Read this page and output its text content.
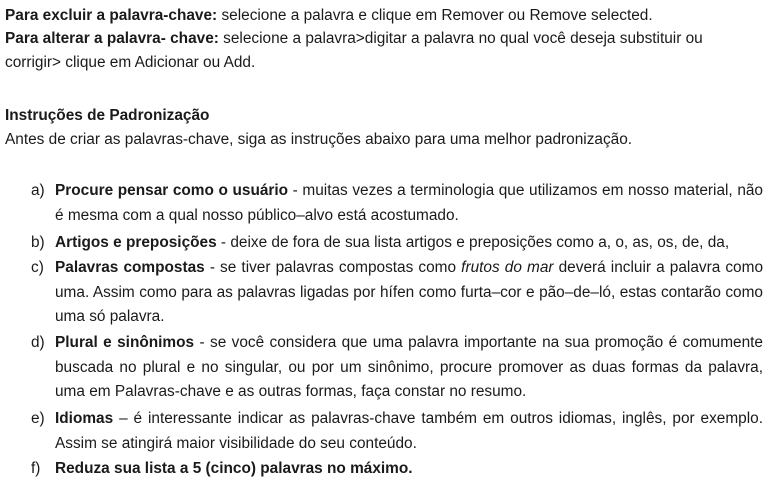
Para excluir a palavra-chave: selecione a palavra e clique em Remover ou Remove selected.
Para alterar a palavra- chave: selecione a palavra>digitar a palavra no qual você deseja substituir ou
corrigir> clique em Adicionar ou Add.
Instruções de Padronização
Antes de criar as palavras-chave, siga as instruções abaixo para uma melhor padronização.
a) Procure pensar como o usuário - muitas vezes a terminologia que utilizamos em nosso material, não é mesma com a qual nosso público–alvo está acostumado.
b) Artigos e preposições - deixe de fora de sua lista artigos e preposições como a, o, as, os, de, da,
c) Palavras compostas - se tiver palavras compostas como frutos do mar deverá incluir a palavra como uma. Assim como para as palavras ligadas por hífen como furta–cor e pão–de–ló, estas contarão como uma só palavra.
d) Plural e sinônimos - se você considera que uma palavra importante na sua promoção é comumente buscada no plural e no singular, ou por um sinônimo, procure promover as duas formas da palavra, uma em Palavras-chave e as outras formas, faça constar no resumo.
e) Idiomas – é interessante indicar as palavras-chave também em outros idiomas, inglês, por exemplo. Assim se atingirá maior visibilidade do seu conteúdo.
f) Reduza sua lista a 5 (cinco) palavras no máximo.
